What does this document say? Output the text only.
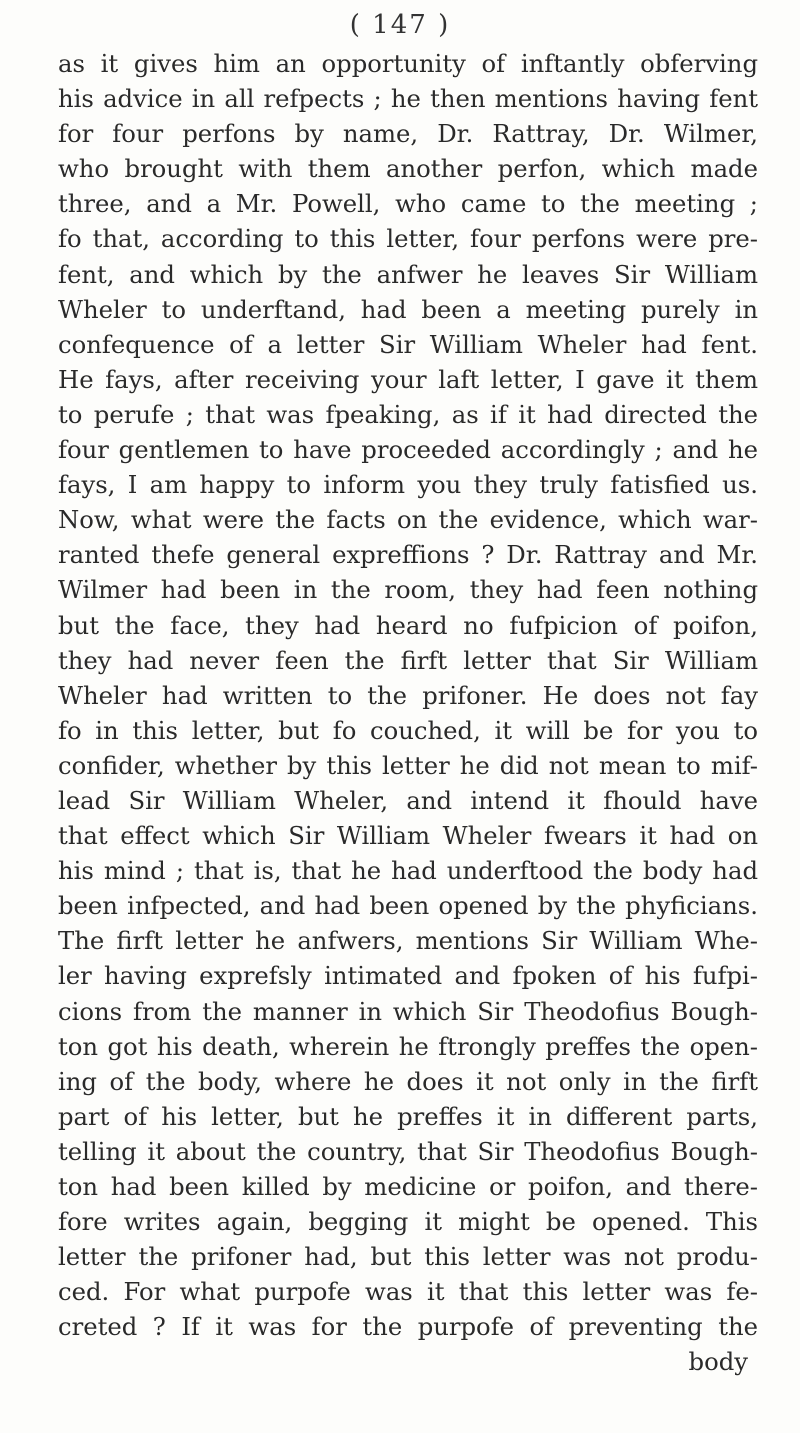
( 147 )
as it gives him an opportunity of inftantly obferving
his advice in all refpects ; he then mentions having fent
for four perfons by name, Dr. Rattray, Dr. Wilmer,
who brought with them another perfon, which made
three, and a Mr. Powell, who came to the meeting ;
fo that, according to this letter, four perfons were pre-
fent, and which by the anfwer he leaves Sir William
Wheler to underftand, had been a meeting purely in
confequence of a letter Sir William Wheler had fent.
He fays, after receiving your laft letter, I gave it them
to perufe ; that was fpeaking, as if it had directed the
four gentlemen to have proceeded accordingly ; and he
fays, I am happy to inform you they truly fatisfied us.
Now, what were the facts on the evidence, which war-
ranted thefe general expreffions ? Dr. Rattray and Mr.
Wilmer had been in the room, they had feen nothing
but the face, they had heard no fufpicion of poifon,
they had never feen the firft letter that Sir William
Wheler had written to the prifoner. He does not fay
fo in this letter, but fo couched, it will be for you to
confider, whether by this letter he did not mean to mif-
lead Sir William Wheler, and intend it fhould have
that effect which Sir William Wheler fwears it had on
his mind ; that is, that he had underftood the body had
been infpected, and had been opened by the phyficians.
The firft letter he anfwers, mentions Sir William Whe-
ler having exprefsly intimated and fpoken of his fufpi-
cions from the manner in which Sir Theodofius Bough-
ton got his death, wherein he ftrongly preffes the open-
ing of the body, where he does it not only in the firft
part of his letter, but he preffes it in different parts,
telling it about the country, that Sir Theodofius Bough-
ton had been killed by medicine or poifon, and there-
fore writes again, begging it might be opened. This
letter the prifoner had, but this letter was not produ-
ced. For what purpofe was it that this letter was fe-
creted ? If it was for the purpofe of preventing the
body
